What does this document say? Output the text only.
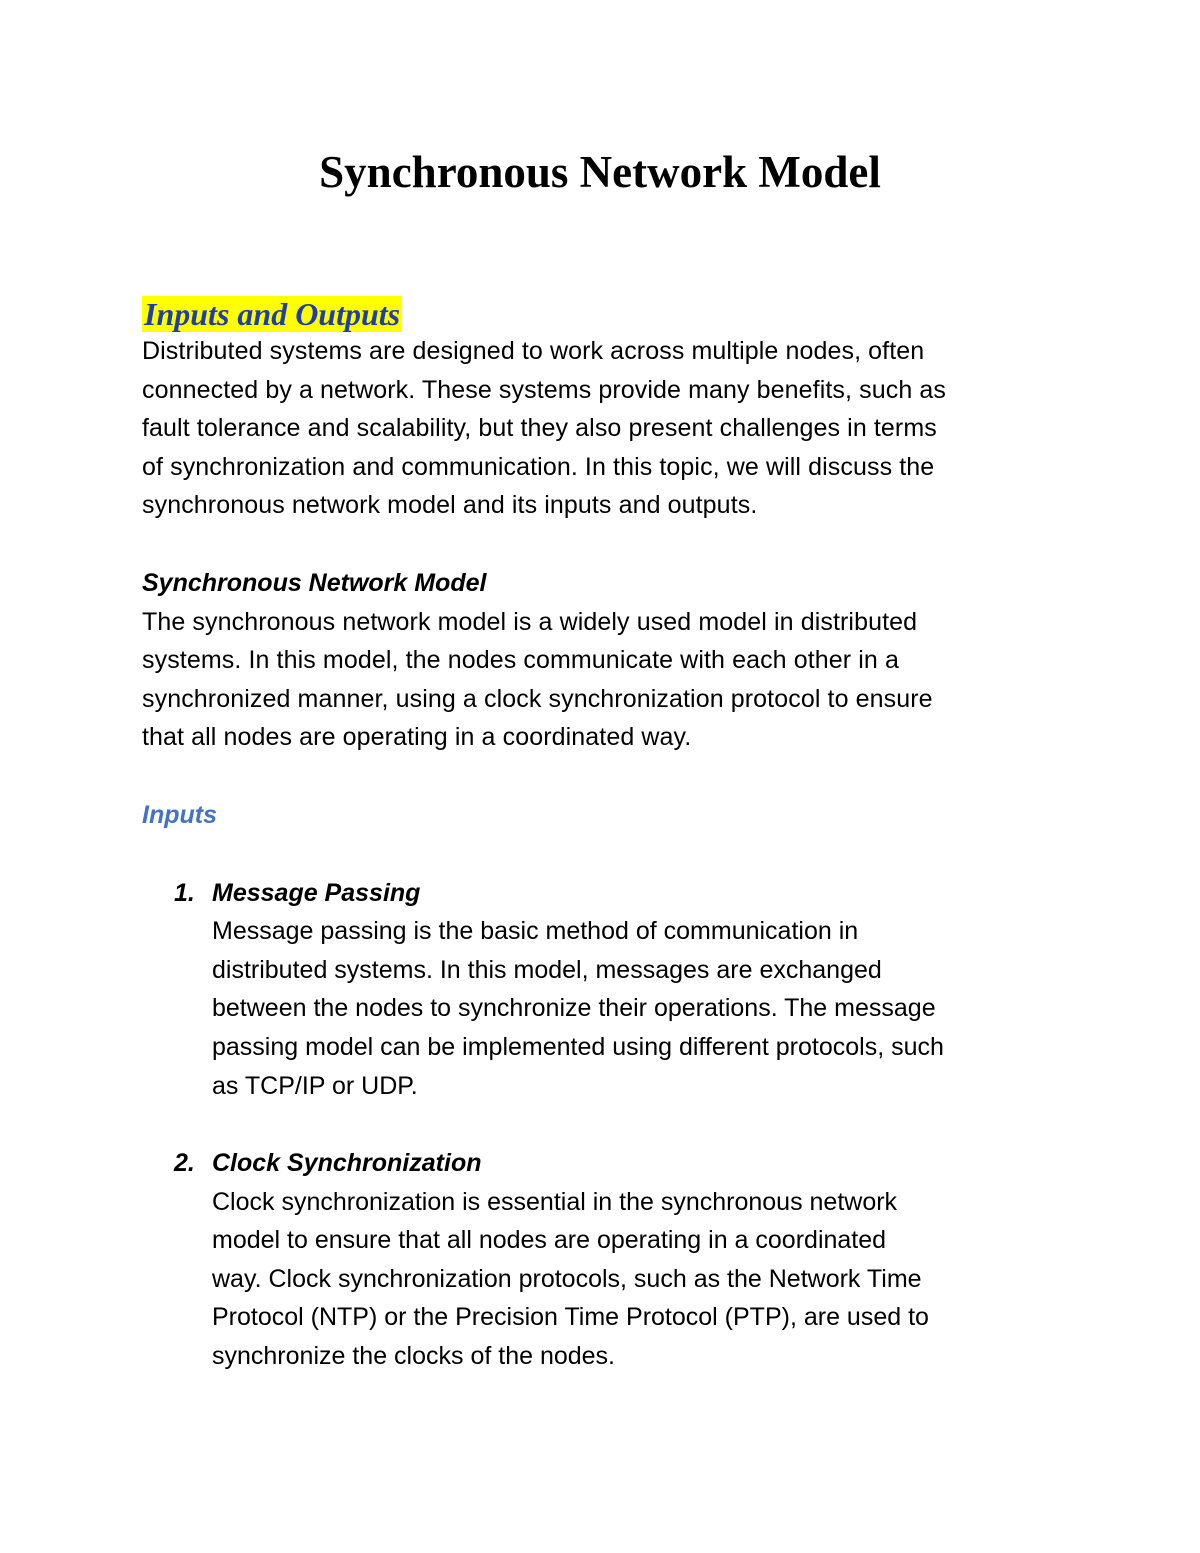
Synchronous Network Model
Inputs and Outputs
Distributed systems are designed to work across multiple nodes, often
connected by a network. These systems provide many benefits, such as
fault tolerance and scalability, but they also present challenges in terms
of synchronization and communication. In this topic, we will discuss the
synchronous network model and its inputs and outputs.
Synchronous Network Model
The synchronous network model is a widely used model in distributed
systems. In this model, the nodes communicate with each other in a
synchronized manner, using a clock synchronization protocol to ensure
that all nodes are operating in a coordinated way.
Inputs
1. Message Passing
Message passing is the basic method of communication in
distributed systems. In this model, messages are exchanged
between the nodes to synchronize their operations. The message
passing model can be implemented using different protocols, such
as TCP/IP or UDP.
2. Clock Synchronization
Clock synchronization is essential in the synchronous network
model to ensure that all nodes are operating in a coordinated
way. Clock synchronization protocols, such as the Network Time
Protocol (NTP) or the Precision Time Protocol (PTP), are used to
synchronize the clocks of the nodes.
